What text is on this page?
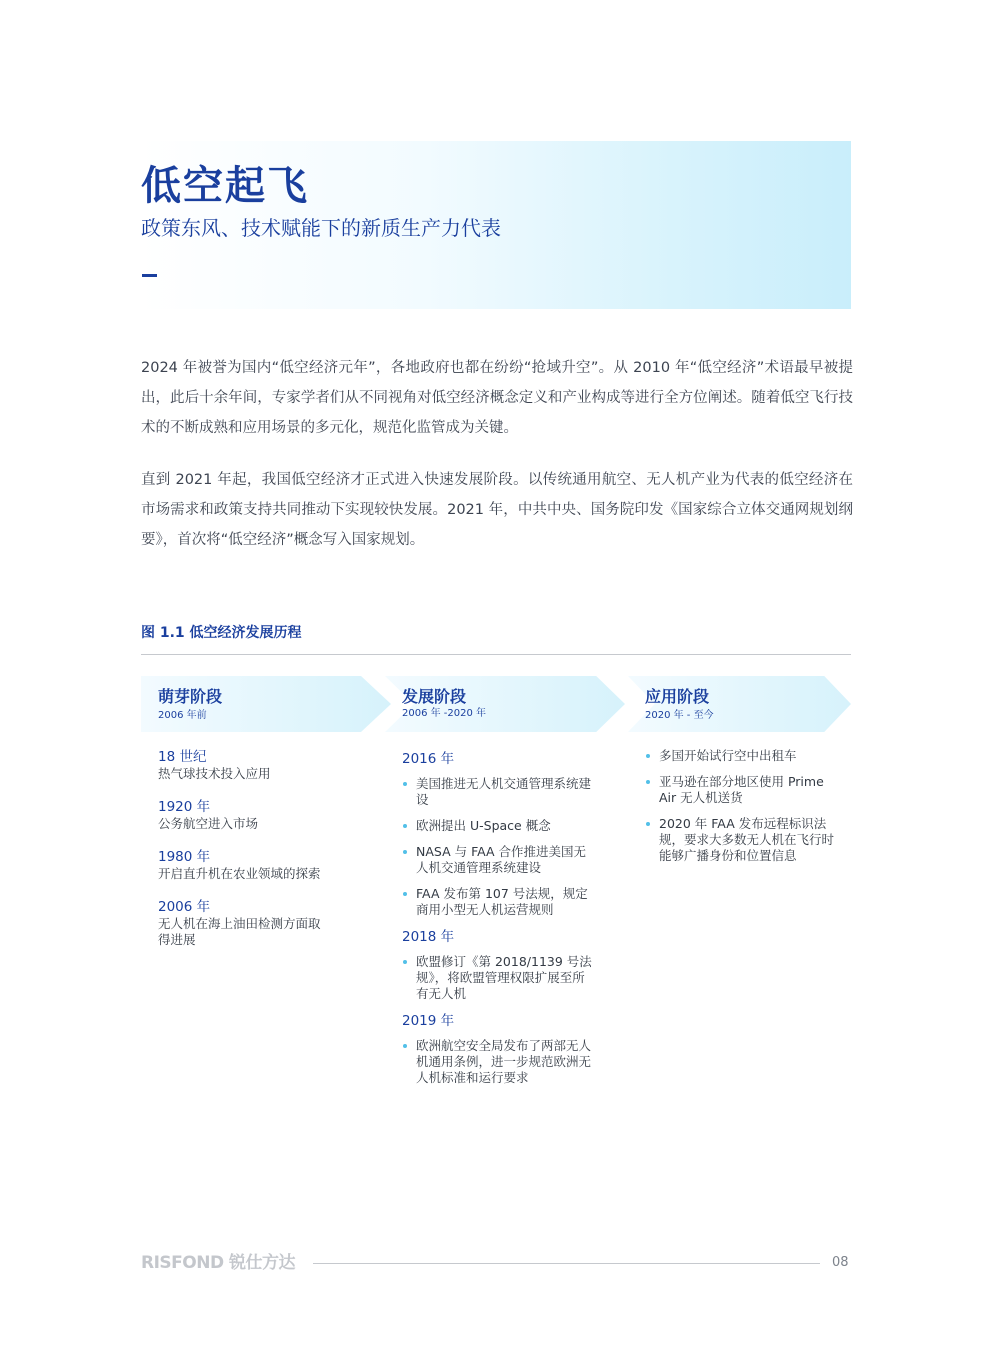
低空起飞
政策东风、技术赋能下的新质生产力代表
2024 年被誉为国内“低空经济元年”，各地政府也都在纷纷“抢域升空”。从 2010 年“低空经济”术语最早被提出，此后十余年间，专家学者们从不同视角对低空经济概念定义和产业构成等进行全方位阐述。随着低空飞行技术的不断成熟和应用场景的多元化，规范化监管成为关键。
直到 2021 年起，我国低空经济才正式进入快速发展阶段。以传统通用航空、无人机产业为代表的低空经济在市场需求和政策支持共同推动下实现较快发展。2021 年，中共中央、国务院印发《国家综合立体交通网规划纲要》，首次将“低空经济”概念写入国家规划。
图 1.1 低空经济发展历程
萌芽阶段
2006 年前
发展阶段
2006 年 -2020 年
应用阶段
2020 年 - 至今
18 世纪
热气球技术投入应用
1920 年
公务航空进入市场
1980 年
开启直升机在农业领域的探索
2006 年
无人机在海上油田检测方面取得进展
2016 年
美国推进无人机交通管理系统建设
欧洲提出 U-Space 概念
NASA 与 FAA 合作推进美国无人机交通管理系统建设
FAA 发布第 107 号法规，规定商用小型无人机运营规则
2018 年
欧盟修订《第 2018/1139 号法规》，将欧盟管理权限扩展至所有无人机
2019 年
欧洲航空安全局发布了两部无人机通用条例，进一步规范欧洲无人机标准和运行要求
多国开始试行空中出租车
亚马逊在部分地区使用 Prime Air 无人机送货
2020 年 FAA 发布远程标识法规，要求大多数无人机在飞行时能够广播身份和位置信息
RISFOND 锐仕方达	08
